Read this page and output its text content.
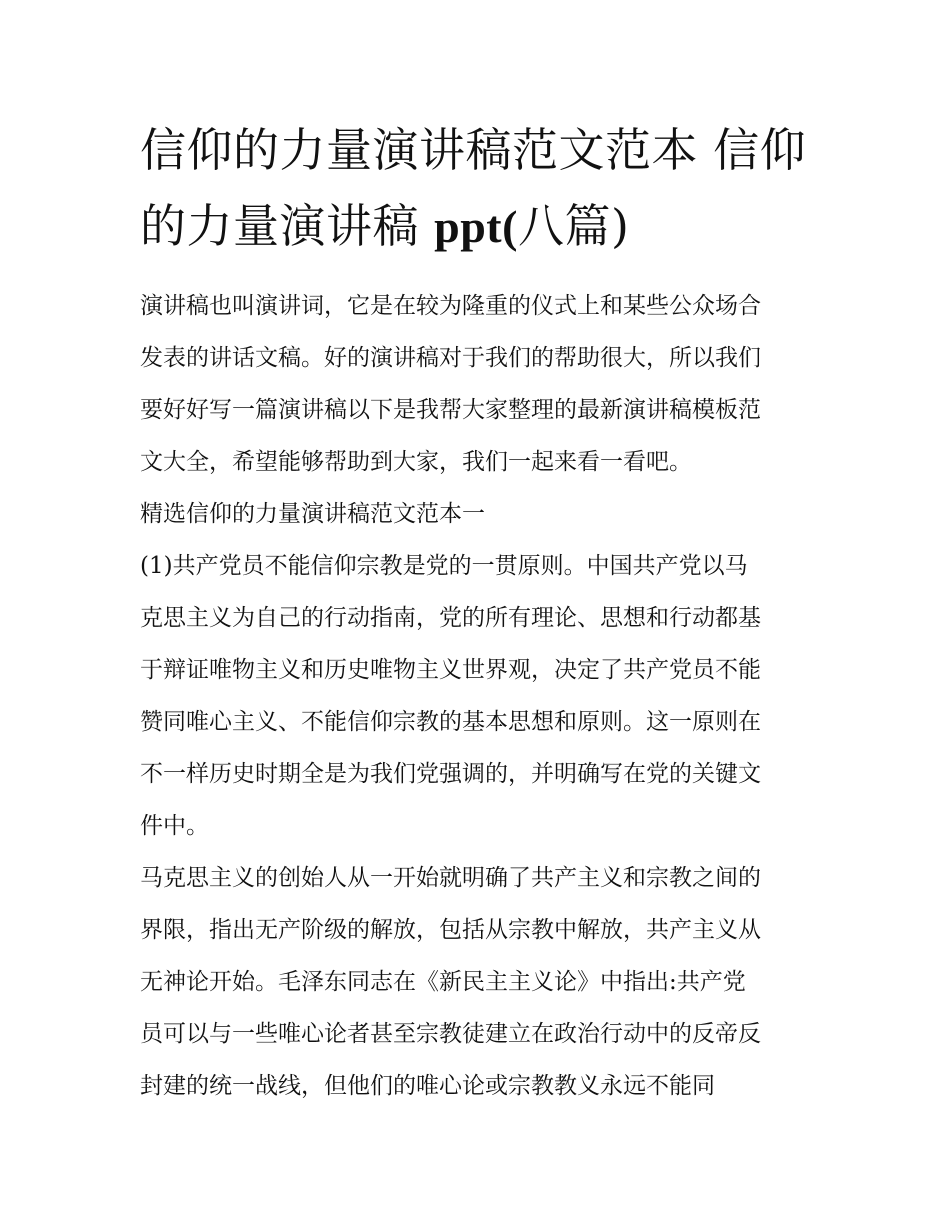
信仰的力量演讲稿范文范本 信仰的力量演讲稿 ppt(八篇)

演讲稿也叫演讲词，它是在较为隆重的仪式上和某些公众场合
发表的讲话文稿。好的演讲稿对于我们的帮助很大，所以我们
要好好写一篇演讲稿以下是我帮大家整理的最新演讲稿模板范
文大全，希望能够帮助到大家，我们一起来看一看吧。

精选信仰的力量演讲稿范文范本一

(1)共产党员不能信仰宗教是党的一贯原则。中国共产党以马
克思主义为自己的行动指南，党的所有理论、思想和行动都基
于辩证唯物主义和历史唯物主义世界观，决定了共产党员不能
赞同唯心主义、不能信仰宗教的基本思想和原则。这一原则在
不一样历史时期全是为我们党强调的，并明确写在党的关键文
件中。

马克思主义的创始人从一开始就明确了共产主义和宗教之间的
界限，指出无产阶级的解放，包括从宗教中解放，共产主义从
无神论开始。毛泽东同志在《新民主主义论》中指出:共产党
员可以与一些唯心论者甚至宗教徒建立在政治行动中的反帝反
封建的统一战线，但他们的唯心论或宗教教义永远不能同
